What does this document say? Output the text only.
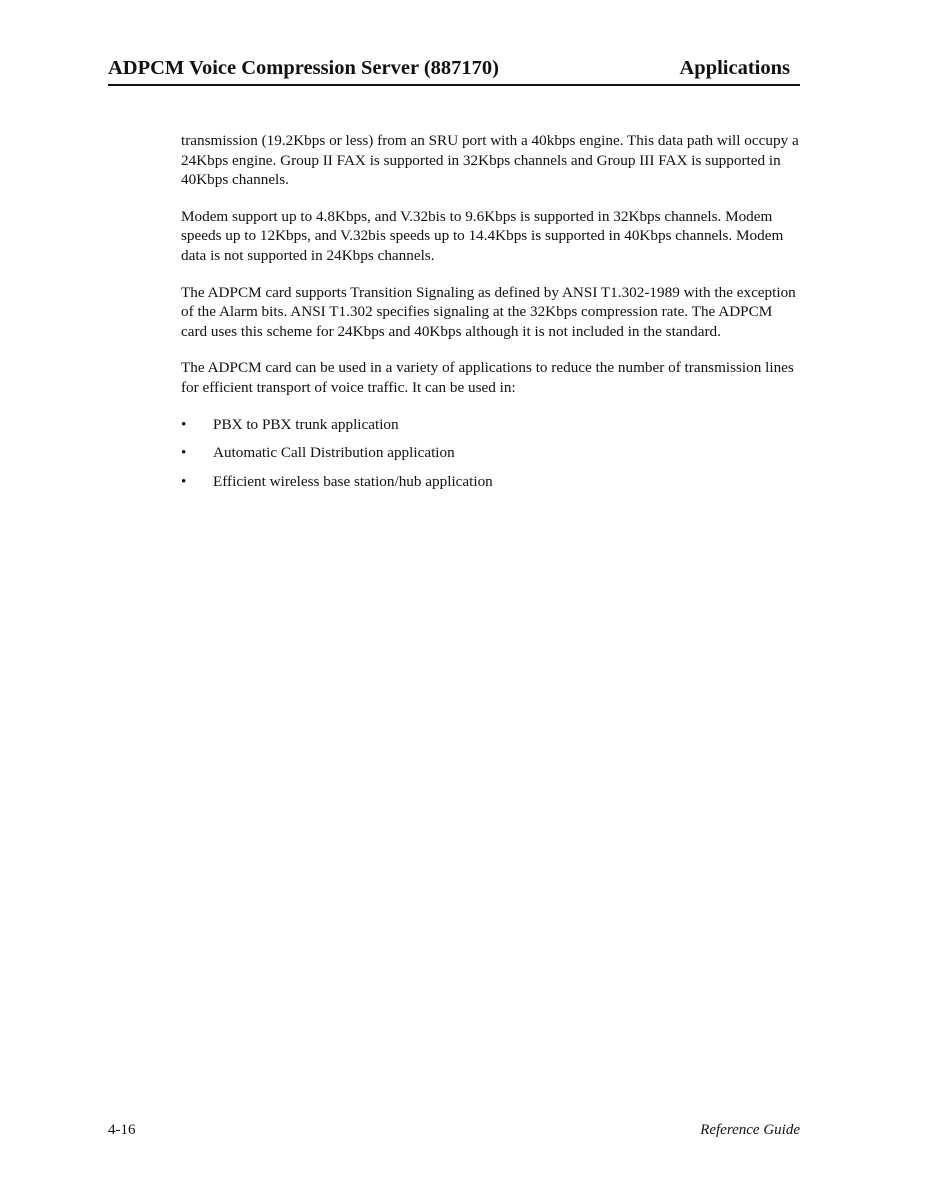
ADPCM Voice Compression Server (887170)	Applications

transmission (19.2Kbps or less) from an SRU port with a 40kbps engine. This data path will occupy a 24Kbps engine. Group II FAX is supported in 32Kbps channels and Group III FAX is supported in 40Kbps channels.

Modem support up to 4.8Kbps, and V.32bis to 9.6Kbps is supported in 32Kbps channels. Modem speeds up to 12Kbps, and V.32bis speeds up to 14.4Kbps is supported in 40Kbps channels. Modem data is not supported in 24Kbps channels.

The ADPCM card supports Transition Signaling as defined by ANSI T1.302-1989 with the exception of the Alarm bits. ANSI T1.302 specifies signaling at the 32Kbps compression rate. The ADPCM card uses this scheme for 24Kbps and 40Kbps although it is not included in the standard.

The ADPCM card can be used in a variety of applications to reduce the number of transmission lines for efficient transport of voice traffic. It can be used in:

• PBX to PBX trunk application
• Automatic Call Distribution application
• Efficient wireless base station/hub application
4-16	Reference Guide
